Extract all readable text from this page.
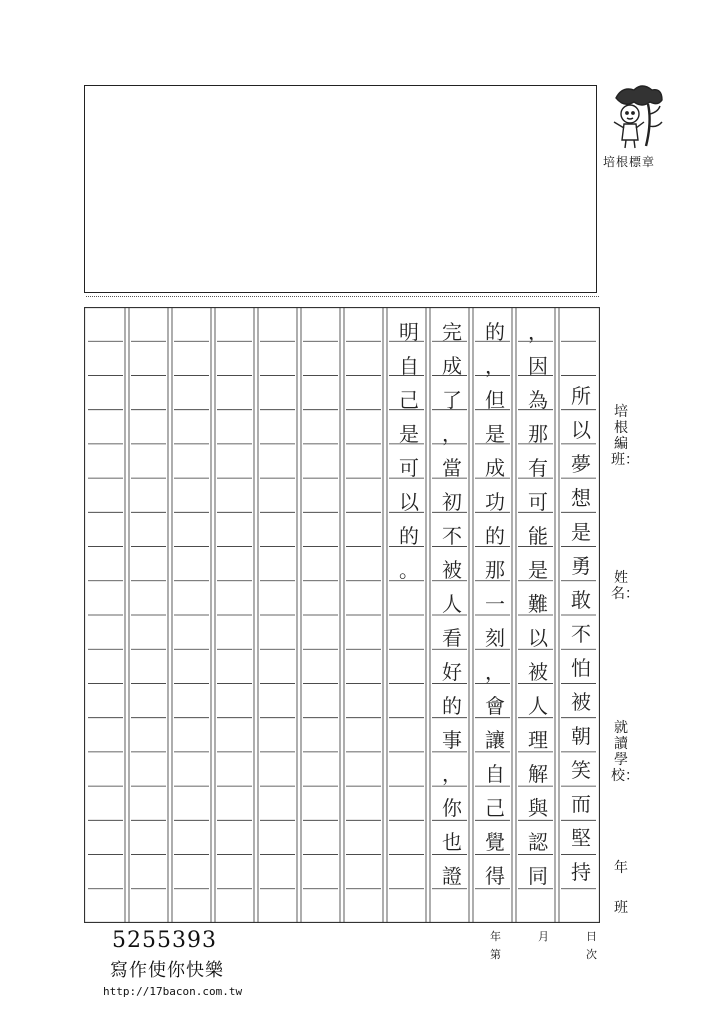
培根標章
所
以
夢
想
是
勇
敢
不
怕
被
朝
笑
而
堅
持
，
因
為
那
有
可
能
是
難
以
被
人
理
解
與
認
同
的
，
但
是
成
功
的
那
一
刻
，
會
讓
自
己
覺
得
完
成
了
，
當
初
不
被
人
看
好
的
事
，
你
也
證
明
自
己
是
可
以
的
。
培根編班：
姓名：
就讀學校：
年
班
年	月	日
第	次
5255393
寫作使你快樂
http://17bacon.com.tw
